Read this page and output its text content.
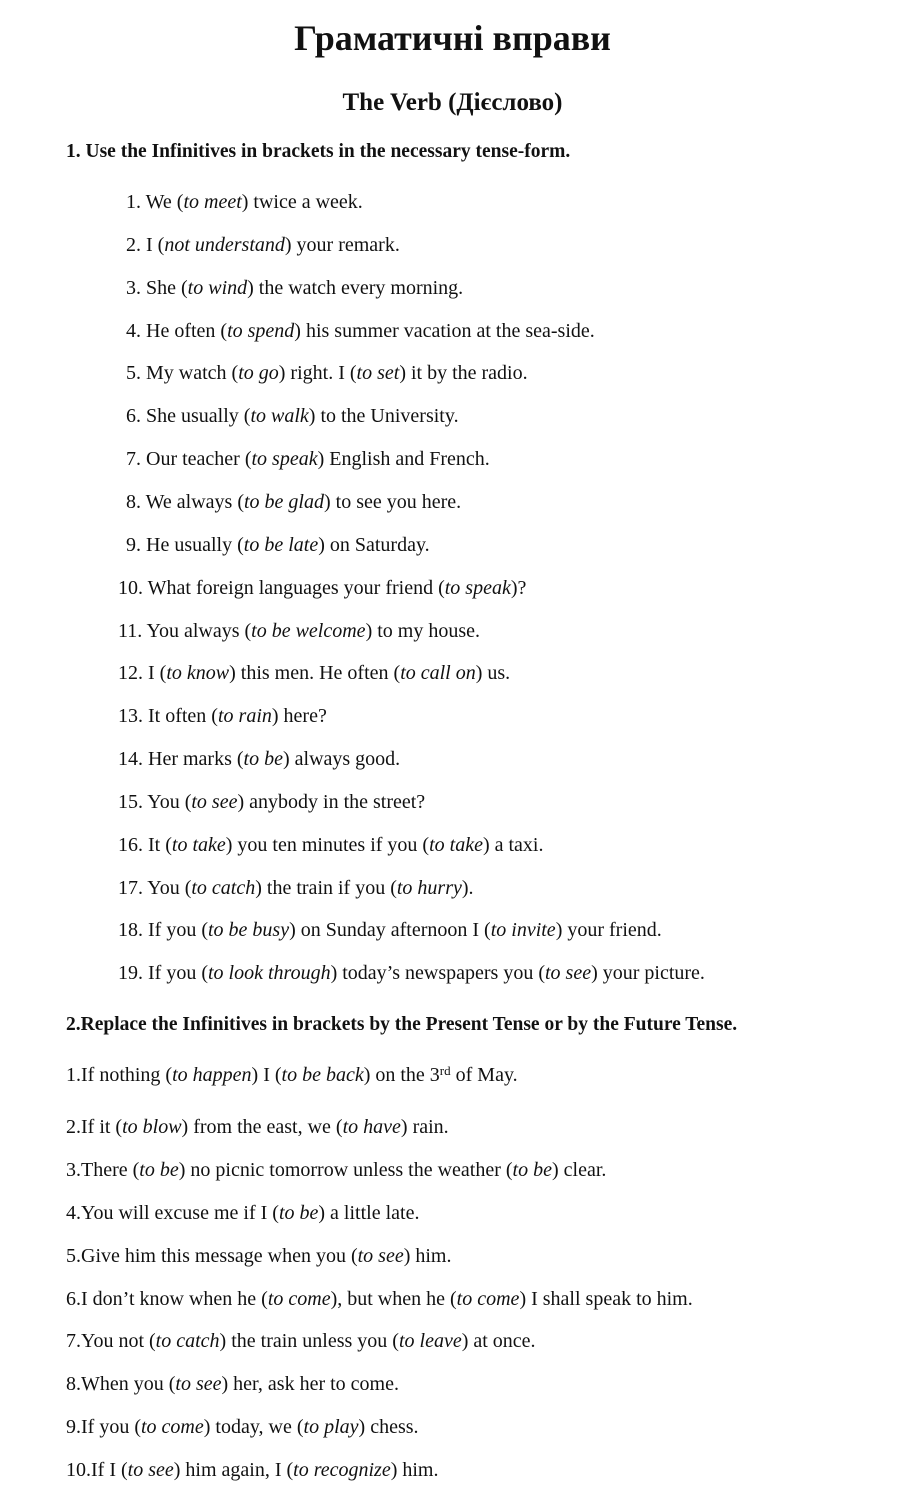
Граматичні вправи
The Verb (Дієслово)
1. Use the Infinitives in brackets in the necessary tense-form.
1. We (to meet) twice a week.
2. I (not understand) your remark.
3. She (to wind) the watch every morning.
4. He often (to spend) his summer vacation at the sea-side.
5. My watch (to go) right. I (to set) it by the radio.
6. She usually (to walk) to the University.
7. Our teacher (to speak) English and French.
8. We always (to be glad) to see you here.
9. He usually (to be late) on Saturday.
10. What foreign languages your friend (to speak)?
11. You always (to be welcome) to my house.
12. I (to know) this men. He often (to call on) us.
13. It often (to rain) here?
14. Her marks (to be) always good.
15. You (to see) anybody in the street?
16. It (to take) you ten minutes if you (to take) a taxi.
17. You (to catch) the train if you (to hurry).
18. If you (to be busy) on Sunday afternoon I (to invite) your friend.
19. If you (to look through) today’s newspapers you (to see) your picture.
2.Replace the Infinitives in brackets by the Present Tense or by the Future Tense.
1.If nothing (to happen) I (to be back) on the 3rd of May.
2.If it (to blow) from the east, we (to have) rain.
3.There (to be) no picnic tomorrow unless the weather (to be) clear.
4.You will excuse me if I (to be) a little late.
5.Give him this message when you (to see) him.
6.I don’t know when he (to come), but when he (to come) I shall speak to him.
7.You not (to catch) the train unless you (to leave) at once.
8.When you (to see) her, ask her to come.
9.If you (to come) today, we (to play) chess.
10.If I (to see) him again, I (to recognize) him.
